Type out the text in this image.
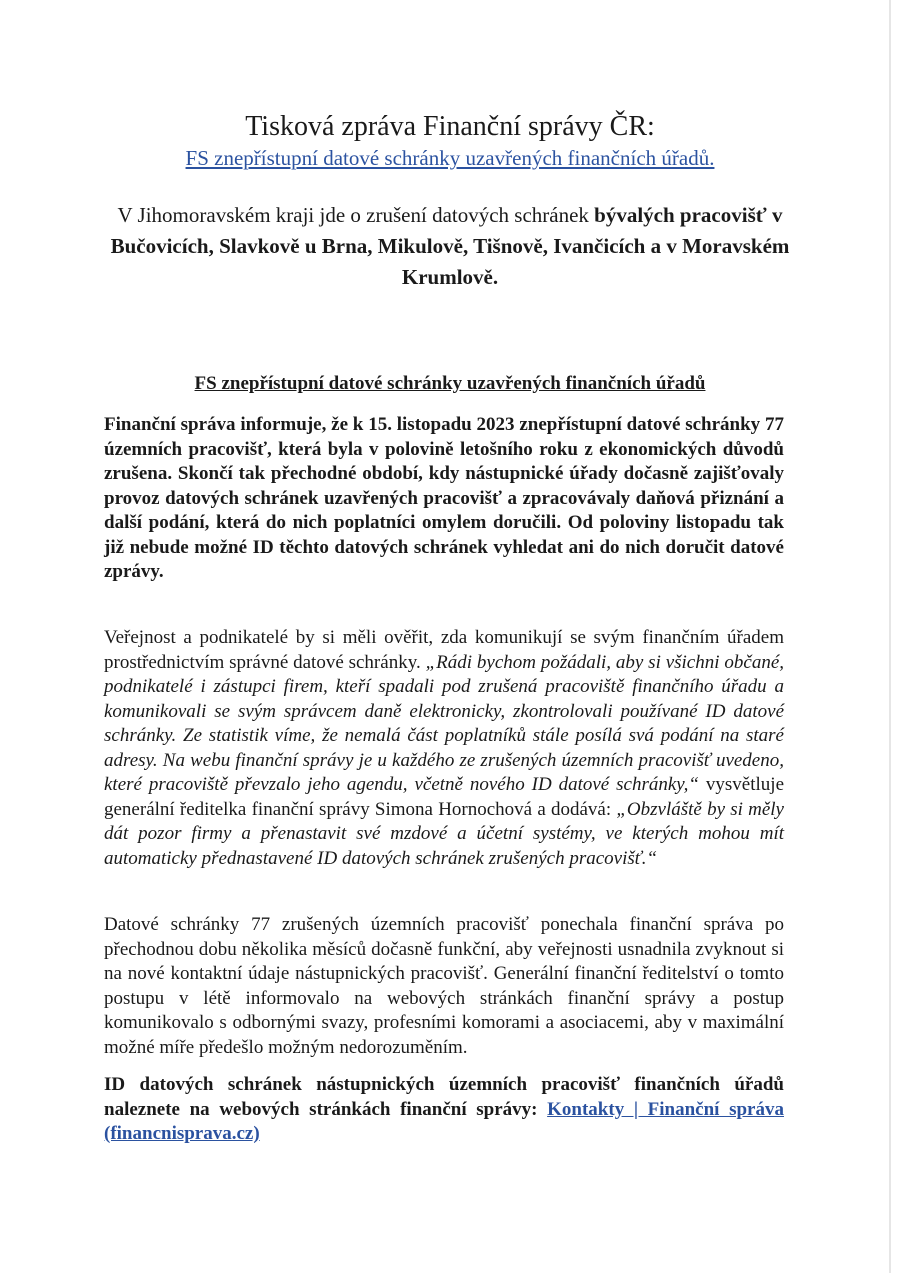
Tisková zpráva Finanční správy ČR:
FS znepřístupní datové schránky uzavřených finančních úřadů.
V Jihomoravském kraji jde o zrušení datových schránek bývalých pracovišť v Bučovicích, Slavkově u Brna, Mikulově, Tišnově, Ivančicích a v Moravském Krumlově.
FS znepřístupní datové schránky uzavřených finančních úřadů
Finanční správa informuje, že k 15. listopadu 2023 znepřístupní datové schránky 77 územních pracovišť, která byla v polovině letošního roku z ekonomických důvodů zrušena. Skončí tak přechodné období, kdy nástupnické úřady dočasně zajišťovaly provoz datových schránek uzavřených pracovišť a zpracovávaly daňová přiznání a další podání, která do nich poplatníci omylem doručili. Od poloviny listopadu tak již nebude možné ID těchto datových schránek vyhledat ani do nich doručit datové zprávy.
Veřejnost a podnikatelé by si měli ověřit, zda komunikují se svým finančním úřadem prostřednictvím správné datové schránky. „Rádi bychom požádali, aby si všichni občané, podnikatelé i zástupci firem, kteří spadali pod zrušená pracoviště finančního úřadu a komunikovali se svým správcem daně elektronicky, zkontrolovali používané ID datové schránky. Ze statistik víme, že nemalá část poplatníků stále posílá svá podání na staré adresy. Na webu finanční správy je u každého ze zrušených územních pracovišť uvedeno, které pracoviště převzalo jeho agendu, včetně nového ID datové schránky,“ vysvětluje generální ředitelka finanční správy Simona Hornochová a dodává: „Obzvláště by si měly dát pozor firmy a přenastavit své mzdové a účetní systémy, ve kterých mohou mít automaticky přednastavené ID datových schránek zrušených pracovišť.“
Datové schránky 77 zrušených územních pracovišť ponechala finanční správa po přechodnou dobu několika měsíců dočasně funkční, aby veřejnosti usnadnila zvyknout si na nové kontaktní údaje nástupnických pracovišť. Generální finanční ředitelství o tomto postupu v létě informovalo na webových stránkách finanční správy a postup komunikovalo s odbornými svazy, profesními komorami a asociacemi, aby v maximální možné míře předešlo možným nedorozuměním.
ID datových schránek nástupnických územních pracovišť finančních úřadů naleznete na webových stránkách finanční správy: Kontakty | Finanční správa (financnisprava.cz)
